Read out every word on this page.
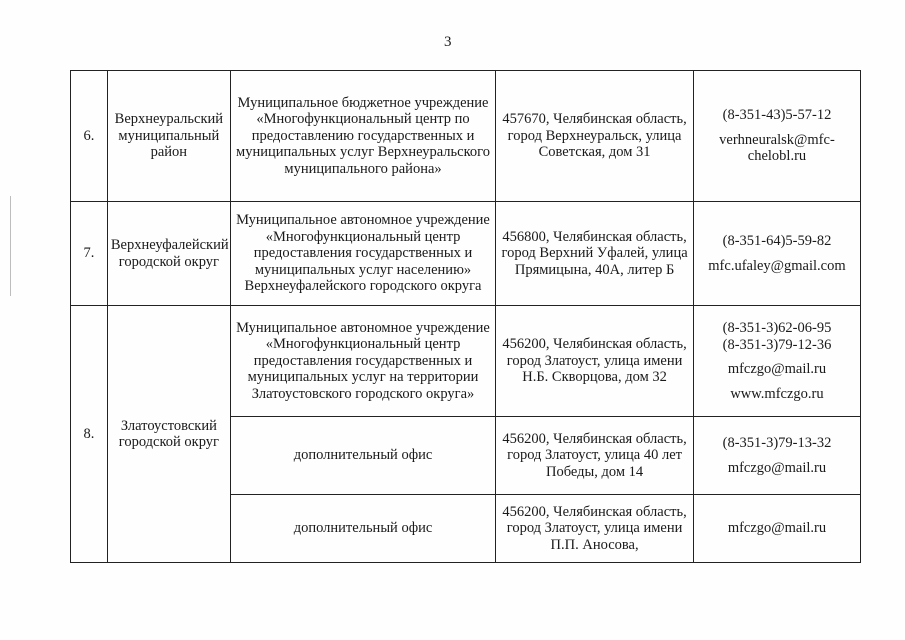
3
6.	Верхнеуральский муниципальный район	Муниципальное бюджетное учреждение «Многофункциональный центр по предоставлению государственных и муниципальных услуг Верхнеуральского муниципального района»	457670, Челябинская область, город Верхнеуральск, улица Советская, дом 31	(8-351-43)5-57-12
verhneuralsk@mfc-chelobl.ru

7.	Верхнеуфалейский городской округ	Муниципальное автономное учреждение «Многофункциональный центр предоставления государственных и муниципальных услуг населению» Верхнеуфалейского городского округа	456800, Челябинская область, город Верхний Уфалей, улица Прямицына, 40А, литер Б	(8-351-64)5-59-82
mfc.ufaley@gmail.com

8.	Златоустовский городской округ	Муниципальное автономное учреждение «Многофункциональный центр предоставления государственных и муниципальных услуг на территории Златоустовского городского округа»	456200, Челябинская область, город Златоуст, улица имени Н.Б. Скворцова, дом 32	(8-351-3)62-06-95
(8-351-3)79-12-36
mfczgo@mail.ru
www.mfczgo.ru

		дополнительный офис	456200, Челябинская область, город Златоуст, улица 40 лет Победы, дом 14	(8-351-3)79-13-32
mfczgo@mail.ru

		дополнительный офис	456200, Челябинская область, город Златоуст, улица имени П.П. Аносова,	mfczgo@mail.ru
